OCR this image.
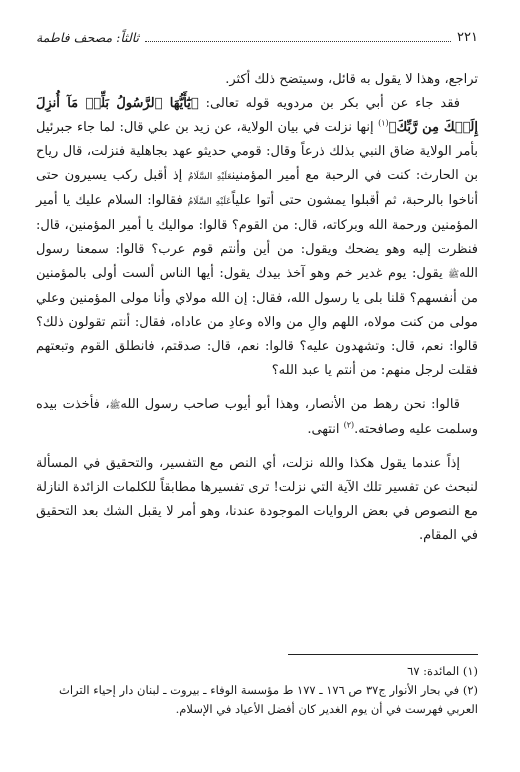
٢٢١
ثالثاً: مصحف فاطمة

تراجع، وهذا لا يقول به قائل، وسيتضح ذلك أكثر.

فقد جاء عن أبي بكر بن مردويه قوله تعالى: ﴿يَٰٓأَيُّهَا ٱلرَّسُولُ بَلِّغۡ مَآ أُنزِلَ إِلَيۡكَ مِن رَّبِّكَ﴾$^{(١)}$ إنها نزلت في بيان الولاية، عن زيد بن علي قال: لما جاء جبرئيل بأمر الولاية ضاق النبي بذلك ذرعاً وقال: قومي حديثو عهد بجاهلية فنزلت، قال رياح بن الحارث: كنت في الرحبة مع أمير المؤمنينعَلَيْهِ السَّلَامُ إذ أقبل ركب يسيرون حتى أناخوا بالرحبة، ثم أقبلوا يمشون حتى أتوا علياًعَلَيْهِ السَّلَامُ فقالوا: السلام عليك يا أمير المؤمنين ورحمة الله وبركاته، قال: من القوم؟ قالوا: مواليك يا أمير المؤمنين، قال: فنظرت إليه وهو يضحك ويقول: من أين وأنتم قوم عرب؟ قالوا: سمعنا رسول اللهﷺ يقول: يوم غدير خم وهو آخذ بيدك يقول: أيها الناس ألست أولى بالمؤمنين من أنفسهم؟ قلنا بلى يا رسول الله، فقال: إن الله مولاي وأنا مولى المؤمنين وعلي مولى من كنت مولاه، اللهم والِ من والاه وعادِ من عاداه، فقال: أنتم تقولون ذلك؟ قالوا: نعم، قال: وتشهدون عليه؟ قالوا: نعم، قال: صدقتم، فانطلق القوم وتبعتهم فقلت لرجل منهم: من أنتم يا عبد الله؟

قالوا: نحن رهط من الأنصار، وهذا أبو أيوب صاحب رسول اللهﷺ، فأخذت بيده وسلمت عليه وصافحته.$^{(٢)}$ انتهى.

إذاً عندما يقول هكذا والله نزلت، أي النص مع التفسير، والتحقيق في المسألة لنبحث عن تفسير تلك الآية التي نزلت! ترى تفسيرها مطابقاً للكلمات الزائدة النازلة مع النصوص في بعض الروايات الموجودة عندنا، وهو أمر لا يقبل الشك بعد التحقيق في المقام.

(١) المائدة: ٦٧

(٢) في بحار الأنوار ج٣٧ ص ١٧٦ ـ ١٧٧ ط مؤسسة الوفاء ـ بيروت ـ لبنان دار إحياء التراث العربي فهرست في أن يوم الغدير كان أفضل الأعياد في الإسلام.
